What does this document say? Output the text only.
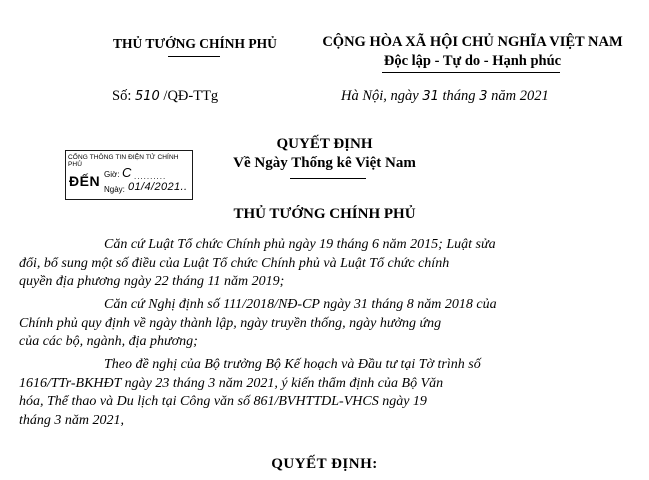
THỦ TƯỚNG CHÍNH PHỦ	CỘNG HÒA XÃ HỘI CHỦ NGHĨA VIỆT NAM
Độc lập - Tự do - Hạnh phúc
Số: 510 /QĐ-TTg	Hà Nội, ngày 31 tháng 3 năm 2021
QUYẾT ĐỊNH
Về Ngày Thống kê Việt Nam
CỔNG THÔNG TIN ĐIỆN TỬ CHÍNH PHỦ
ĐẾN Giờ: C ..........
Ngày: 01/4/2021..
THỦ TƯỚNG CHÍNH PHỦ
Căn cứ Luật Tổ chức Chính phủ ngày 19 tháng 6 năm 2015; Luật sửa
đổi, bổ sung một số điều của Luật Tổ chức Chính phủ và Luật Tổ chức chính
quyền địa phương ngày 22 tháng 11 năm 2019;
Căn cứ Nghị định số 111/2018/NĐ-CP ngày 31 tháng 8 năm 2018 của
Chính phủ quy định về ngày thành lập, ngày truyền thống, ngày hưởng ứng
của các bộ, ngành, địa phương;
Theo đề nghị của Bộ trưởng Bộ Kế hoạch và Đầu tư tại Tờ trình số
1616/TTr-BKHĐT ngày 23 tháng 3 năm 2021, ý kiến thẩm định của Bộ Văn
hóa, Thể thao và Du lịch tại Công văn số 861/BVHTTDL-VHCS ngày 19
tháng 3 năm 2021,
QUYẾT ĐỊNH:
